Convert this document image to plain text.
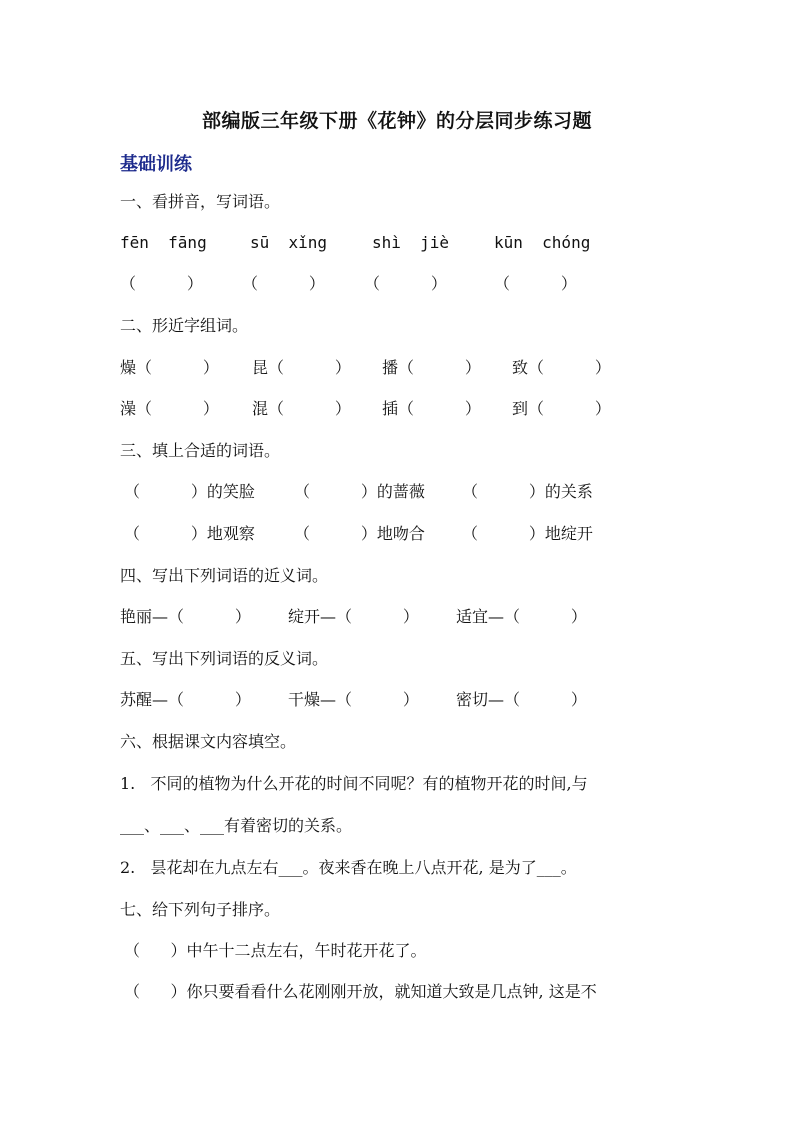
部编版三年级下册《花钟》的分层同步练习题
基础训练
一、看拼音，写词语。
fēn  fāng	sū  xǐng	shì  jiè	kūn  chóng
（          ） （          ） （          ）	（          ）
二、形近字组词。
燥（          ） 昆（          ） 播（          ） 致（          ）
澡（          ） 混（          ） 插（          ） 到（          ）
三、填上合适的词语。
（          ）的笑脸 （          ）的蔷薇 （          ）的关系
（          ）地观察 （          ）地吻合 （          ）地绽开
四、写出下列词语的近义词。
艳丽—（          ） 绽开—（          ） 适宜—（          ）
五、写出下列词语的反义词。
苏醒—（          ） 干燥—（          ） 密切—（          ）
六、根据课文内容填空。
1.   不同的植物为什么开花的时间不同呢？有的植物开花的时间,与
___、___、___有着密切的关系。
2.   昙花却在九点左右___。夜来香在晚上八点开花, 是为了___。
七、给下列句子排序。
（      ）中午十二点左右，午时花开花了。
（      ）你只要看看什么花刚刚开放，就知道大致是几点钟, 这是不
